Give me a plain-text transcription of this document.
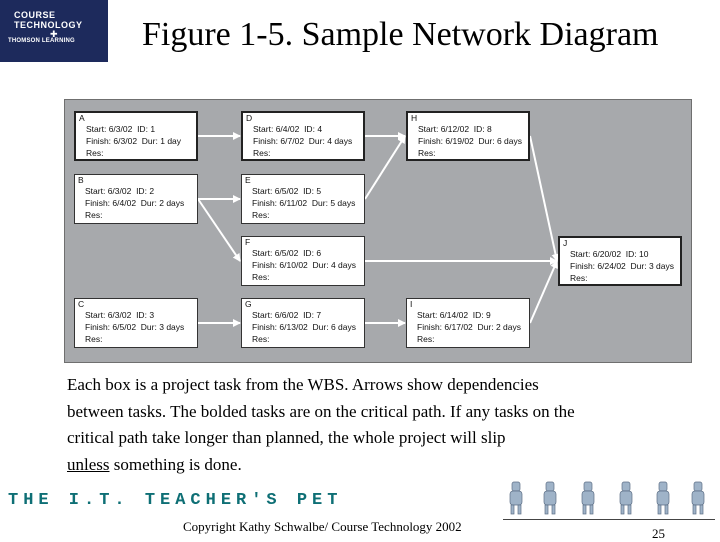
COURSE
TECHNOLOGY
✚
THOMSON LEARNING Figure 1-5. Sample Network Diagram
A
Start: 6/3/02 ID: 1
Finish: 6/3/02 Dur: 1 day
Res:
B
Start: 6/3/02 ID: 2
Finish: 6/4/02 Dur: 2 days
Res:
C
Start: 6/3/02 ID: 3
Finish: 6/5/02 Dur: 3 days
Res:
D
Start: 6/4/02 ID: 4
Finish: 6/7/02 Dur: 4 days
Res:
E
Start: 6/5/02 ID: 5
Finish: 6/11/02 Dur: 5 days
Res:
F
Start: 6/5/02 ID: 6
Finish: 6/10/02 Dur: 4 days
Res:
G
Start: 6/6/02 ID: 7
Finish: 6/13/02 Dur: 6 days
Res:
H
Start: 6/12/02 ID: 8
Finish: 6/19/02 Dur: 6 days
Res:
I
Start: 6/14/02 ID: 9
Finish: 6/17/02 Dur: 2 days
Res:
J
Start: 6/20/02 ID: 10
Finish: 6/24/02 Dur: 3 days
Res:
Each box is a project task from the WBS. Arrows show dependencies
between tasks. The bolded tasks are on the critical path. If any tasks on the
critical path take longer than planned, the whole project will slip
unless something is done.
THE I.T. TEACHER'S PET
Copyright Kathy Schwalbe/ Course Technology 2002	25
